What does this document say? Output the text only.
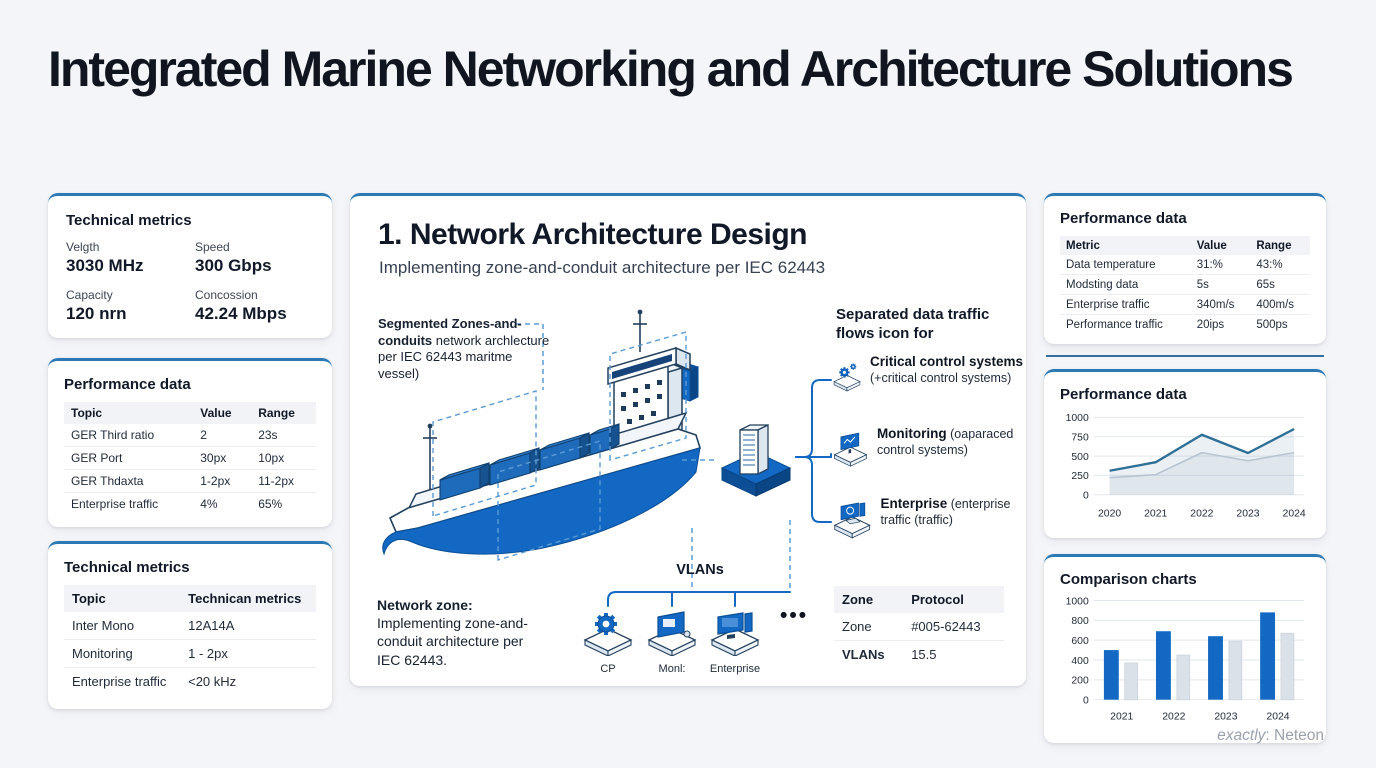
Integrated Marine Networking and Architecture Solutions
Technical metrics
Velgth
3030 MHz
Speed
300 Gbps
Capacity
120 nrn
Concossion
42.24 Mbps
Performance data
Topic	Value	Range
GER Third ratio	2	23s
GER Port	30px	10px
GER Thdaxta	1-2px	11-2px
Enterprise traffic	4%	65%
Technical metrics
Topic	Technican metrics
Inter Mono	12A14A
Monitoring	1 - 2px
Enterprise traffic	<20 kHz
1. Network Architecture Design
Implementing zone-and-conduit architecture per IEC 62443
Segmented Zones-and-conduits network archlecture per IEC 62443 maritme vessel)
Separated data traffic flows icon for
Critical control systems (+critical control systems)
Monitoring (oaparaced control systems)
Enterprise (enterprise traffic (traffic)
Network zone:
Implementing zone-and-conduit architecture per IEC 62443.
VLANs
CP	Monl:	Enterprise
•••
Zone	Protocol
Zone	#005-62443
VLANs	15.5
Performance data
Metric	Value	Range
Data temperature	31:%	43:%
Modsting data	5s	65s
Enterprise traffic	340m/s	400m/s
Performance traffic	20ips	500ps
Performance data
0
250
500
750
1000
2020 2021 2022 2023 2024
Comparison charts
0
200
400
600
800
1000
2021	2022	2023	2024
exactly: Neteon
